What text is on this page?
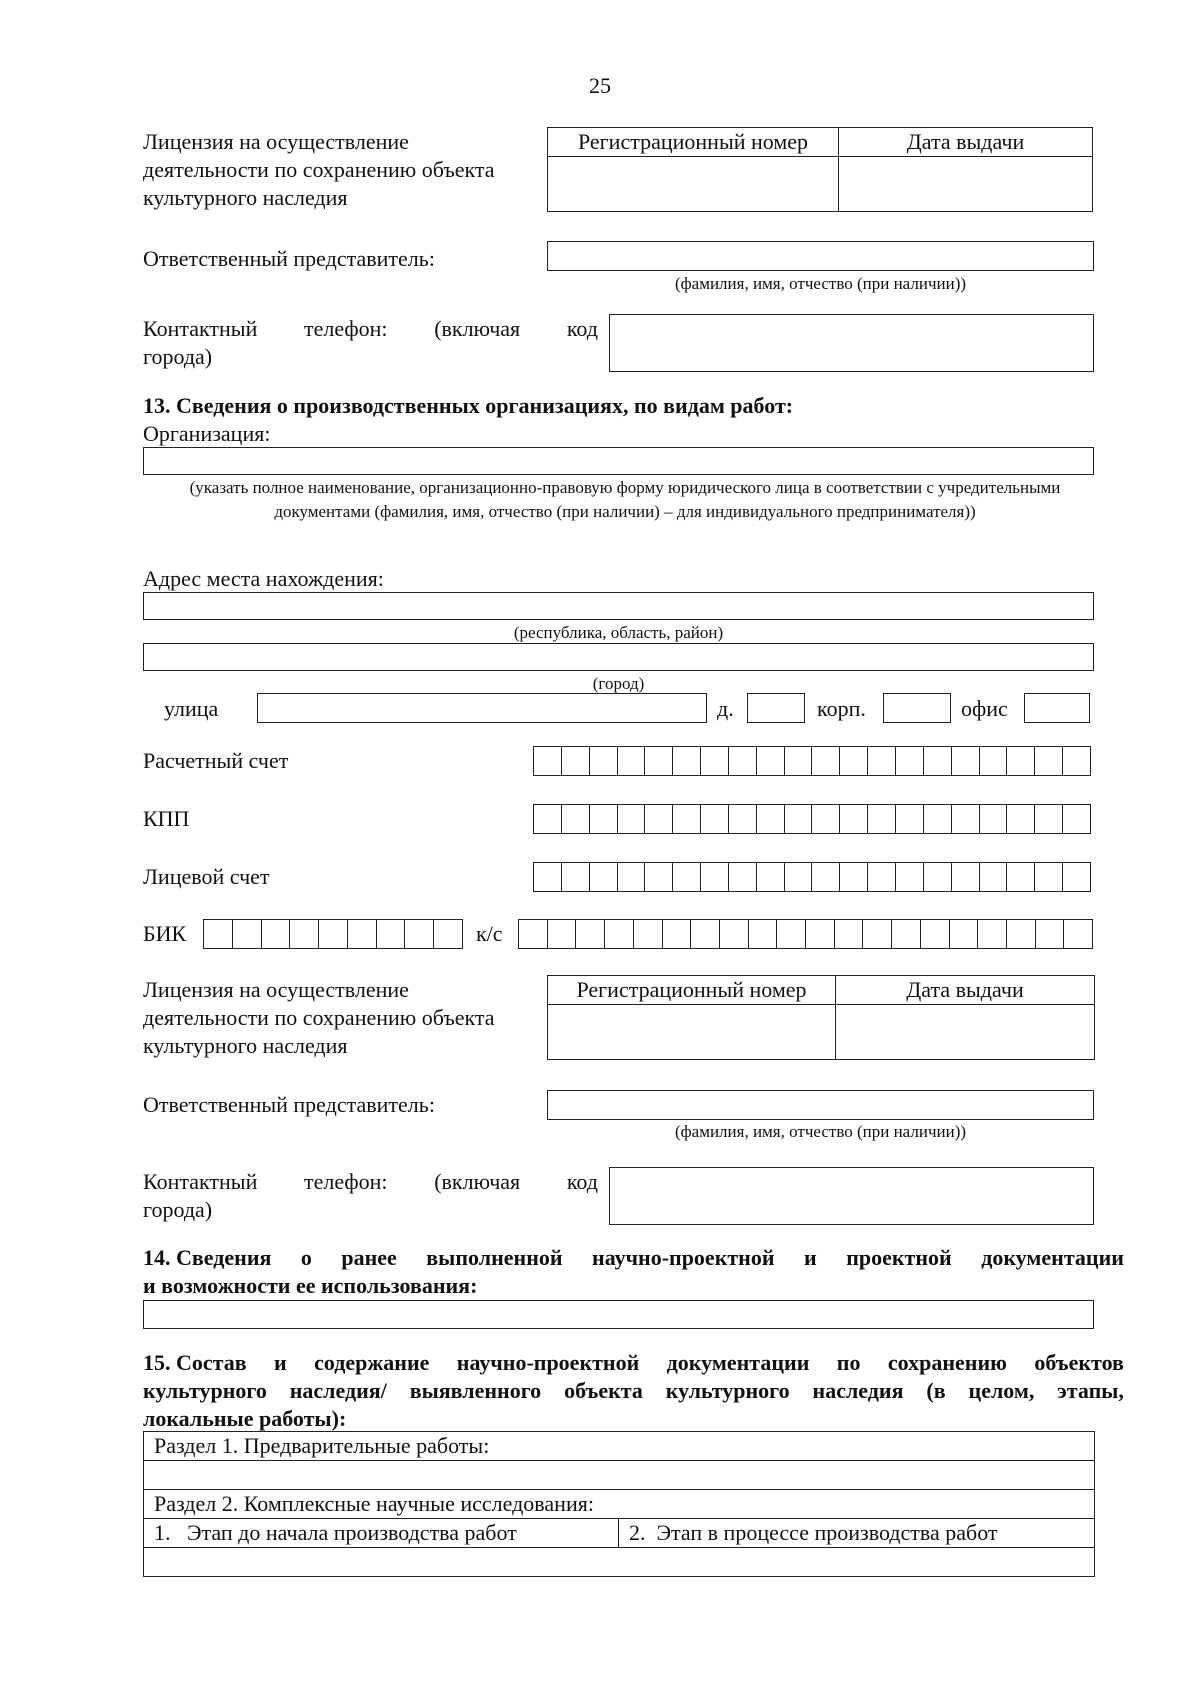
25
Лицензия на осуществление деятельности по сохранению объекта культурного наследия
Регистрационный номер	Дата выдачи

Ответственный представитель:
(фамилия, имя, отчество (при наличии))
Контактный телефон: (включая код
города)
13. Сведения о производственных организациях, по видам работ:
Организация:
(указать полное наименование, организационно-правовую форму юридического лица в соответствии с учредительными документами (фамилия, имя, отчество (при наличии) – для индивидуального предпринимателя))
Адрес места нахождения:
(республика, область, район)
(город)
улица	д.	корп.	офис
Расчетный счет
КПП
Лицевой счет
БИК	к/с
Лицензия на осуществление деятельности по сохранению объекта культурного наследия
Регистрационный номер	Дата выдачи

Ответственный представитель:
(фамилия, имя, отчество (при наличии))
Контактный телефон: (включая код
города)
14. Сведения о ранее выполненной научно-проектной и проектной документации
и возможности ее использования:
15. Состав и содержание научно-проектной документации по сохранению объектов
культурного наследия/ выявленного объекта культурного наследия (в целом, этапы,
локальные работы):
Раздел 1. Предварительные работы:

Раздел 2. Комплексные научные исследования:
1.   Этап до начала производства работ	2.  Этап в процессе производства работ
